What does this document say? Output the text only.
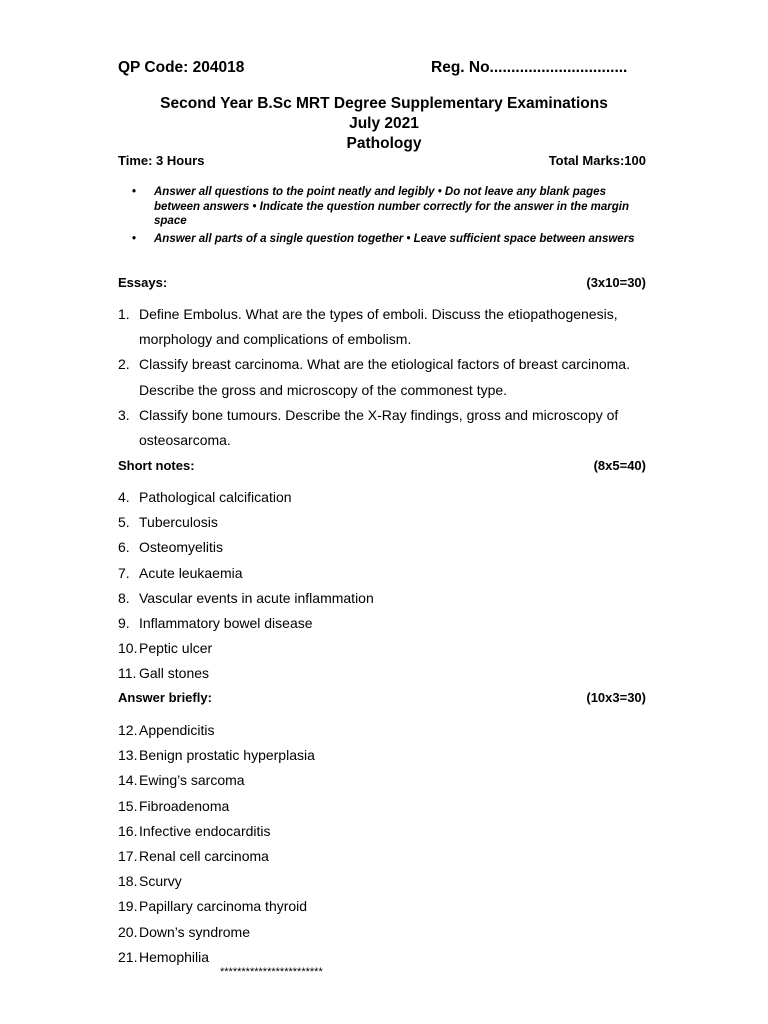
QP Code: 204018	Reg. No................................
Second Year B.Sc MRT Degree Supplementary Examinations
July 2021
Pathology
Time: 3 Hours	Total Marks:100
• Answer all questions to the point neatly and legibly • Do not leave any blank pages between answers • Indicate the question number correctly for the answer in the margin space
• Answer all parts of a single question together • Leave sufficient space between answers
Essays:	(3x10=30)
1. Define Embolus. What are the types of emboli. Discuss the etiopathogenesis, morphology and complications of embolism.
2. Classify breast carcinoma. What are the etiological factors of breast carcinoma. Describe the gross and microscopy of the commonest type.
3. Classify bone tumours. Describe the X-Ray findings, gross and microscopy of osteosarcoma.
Short notes:	(8x5=40)
4. Pathological calcification
5. Tuberculosis
6. Osteomyelitis
7. Acute leukaemia
8. Vascular events in acute inflammation
9. Inflammatory bowel disease
10. Peptic ulcer
11. Gall stones
Answer briefly:	(10x3=30)
12. Appendicitis
13. Benign prostatic hyperplasia
14. Ewing’s sarcoma
15. Fibroadenoma
16. Infective endocarditis
17. Renal cell carcinoma
18. Scurvy
19. Papillary carcinoma thyroid
20. Down’s syndrome
21. Hemophilia
************************
